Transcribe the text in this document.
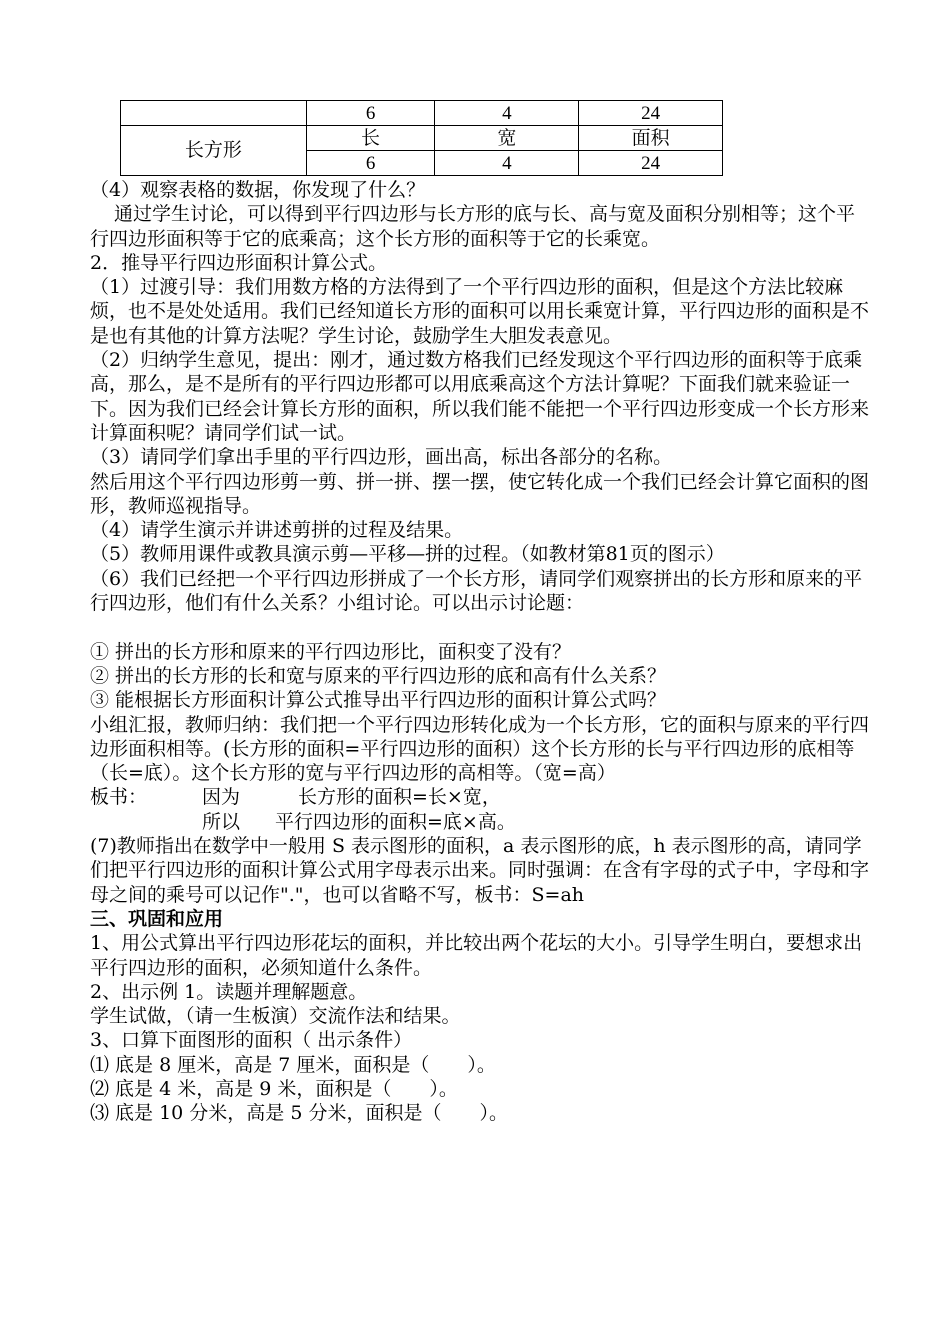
	6	4	24
长方形	长	宽	面积
	6	4	24

（4）观察表格的数据，你发现了什么？

通过学生讨论，可以得到平行四边形与长方形的底与长、高与宽及面积分别相等；这个平行四边形面积等于它的底乘高；这个长方形的面积等于它的长乘宽。

2．推导平行四边形面积计算公式。

（1）过渡引导：我们用数方格的方法得到了一个平行四边形的面积，但是这个方法比较麻烦，也不是处处适用。我们已经知道长方形的面积可以用长乘宽计算，平行四边形的面积是不是也有其他的计算方法呢？学生讨论，鼓励学生大胆发表意见。

（2）归纳学生意见，提出：刚才，通过数方格我们已经发现这个平行四边形的面积等于底乘高，那么，是不是所有的平行四边形都可以用底乘高这个方法计算呢？下面我们就来验证一下。因为我们已经会计算长方形的面积，所以我们能不能把一个平行四边形变成一个长方形来计算面积呢？请同学们试一试。

（3）请同学们拿出手里的平行四边形，画出高，标出各部分的名称。

然后用这个平行四边形剪一剪、拼一拼、摆一摆，使它转化成一个我们已经会计算它面积的图形，教师巡视指导。

（4）请学生演示并讲述剪拼的过程及结果。

（5）教师用课件或教具演示剪—平移—拼的过程。（如教材第81页的图示）

（6）我们已经把一个平行四边形拼成了一个长方形，请同学们观察拼出的长方形和原来的平行四边形，他们有什么关系？小组讨论。可以出示讨论题：

① 拼出的长方形和原来的平行四边形比，面积变了没有？

② 拼出的长方形的长和宽与原来的平行四边形的底和高有什么关系？

③ 能根据长方形面积计算公式推导出平行四边形的面积计算公式吗？

小组汇报，教师归纳：我们把一个平行四边形转化成为一个长方形，它的面积与原来的平行四边形面积相等。(长方形的面积=平行四边形的面积）这个长方形的长与平行四边形的底相等（长=底）。这个长方形的宽与平行四边形的高相等。（宽=高）

板书：	因为	长方形的面积=长×宽，
所以	平行四边形的面积=底×高。

(7)教师指出在数学中一般用 S 表示图形的面积，a 表示图形的底，h 表示图形的高，请同学们把平行四边形的面积计算公式用字母表示出来。同时强调：在含有字母的式子中，字母和字母之间的乘号可以记作"."，也可以省略不写，板书：S=ah

三、巩固和应用

1、用公式算出平行四边形花坛的面积，并比较出两个花坛的大小。引导学生明白，要想求出平行四边形的面积，必须知道什么条件。

2、出示例 1。读题并理解题意。

学生试做，（请一生板演）交流作法和结果。

3、口算下面图形的面积（ 出示条件）

⑴ 底是 8 厘米，高是 7 厘米，面积是（　　）。

⑵ 底是 4 米，高是 9 米，面积是（　　）。

⑶ 底是 10 分米，高是 5 分米，面积是（　　）。
